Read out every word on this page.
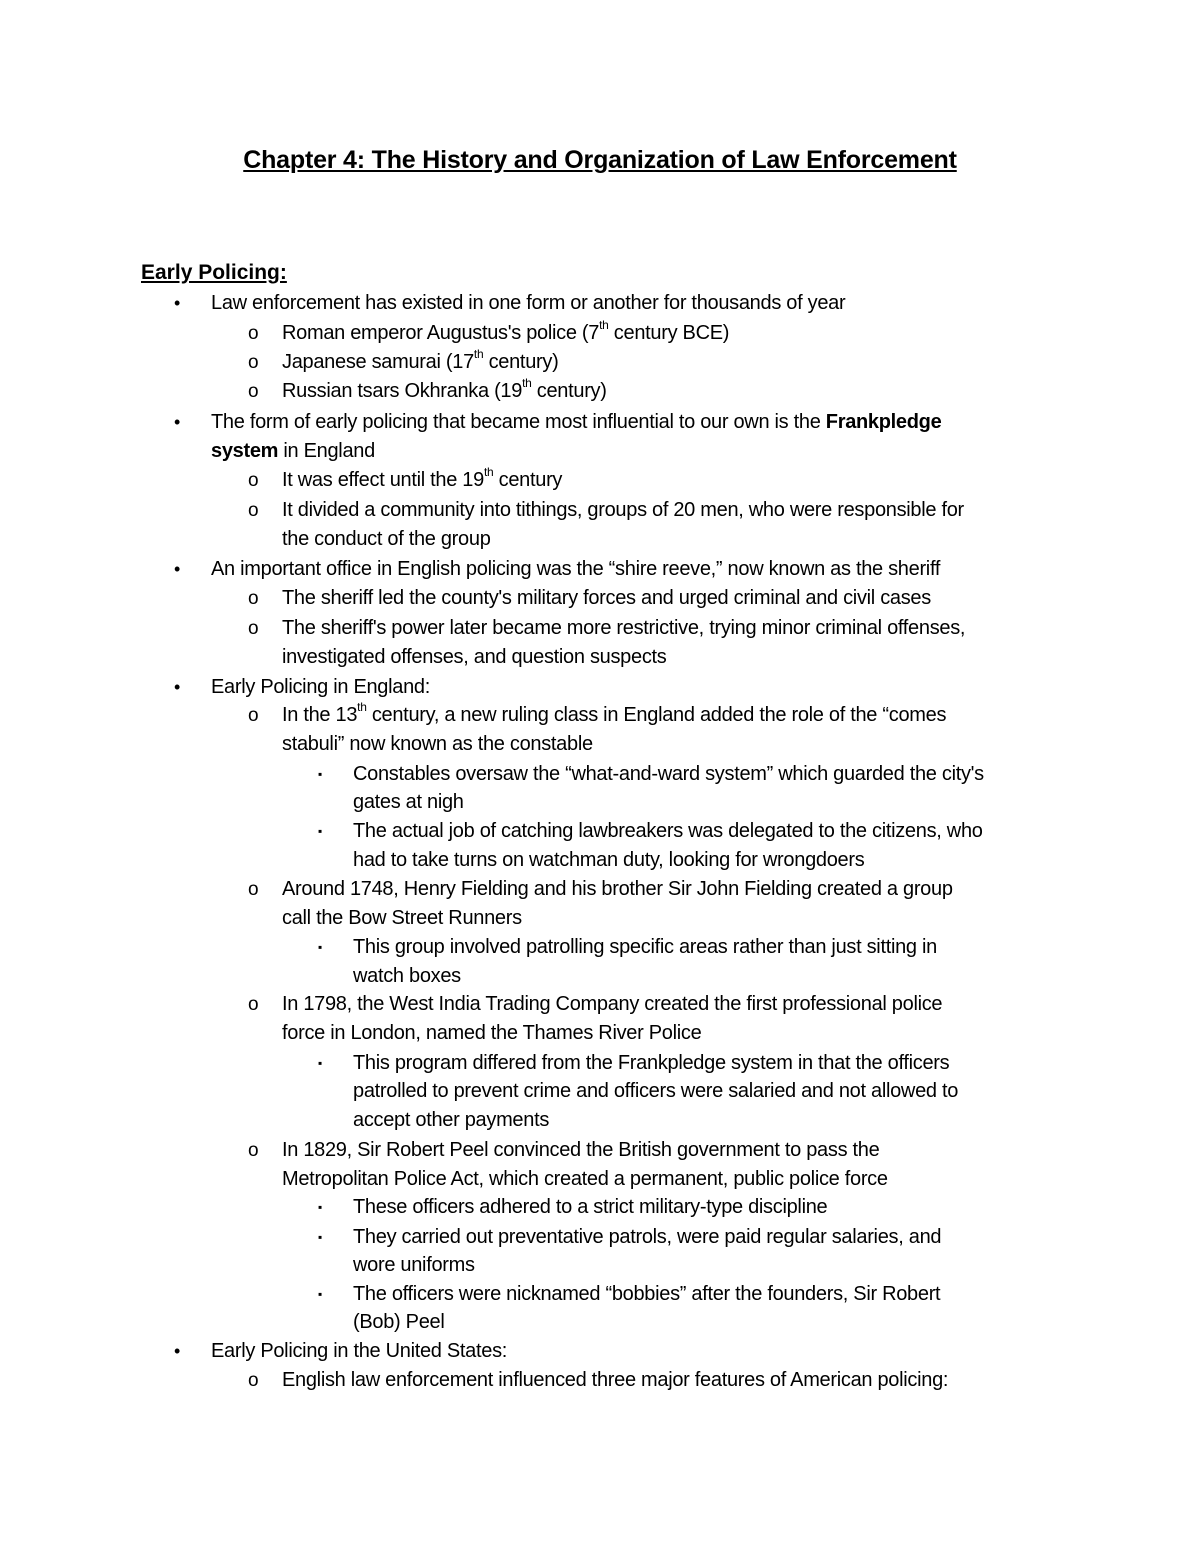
Chapter 4: The History and Organization of Law Enforcement
Early Policing:
• Law enforcement has existed in one form or another for thousands of year
o Roman emperor Augustus's police (7th century BCE)
o Japanese samurai (17th century)
o Russian tsars Okhranka (19th century)
• The form of early policing that became most influential to our own is the Frankpledge
system in England
o It was effect until the 19th century
o It divided a community into tithings, groups of 20 men, who were responsible for
the conduct of the group
• An important office in English policing was the “shire reeve,” now known as the sheriff
o The sheriff led the county's military forces and urged criminal and civil cases
o The sheriff's power later became more restrictive, trying minor criminal offenses,
investigated offenses, and question suspects
• Early Policing in England:
o In the 13th century, a new ruling class in England added the role of the “comes
stabuli” now known as the constable
▪ Constables oversaw the “what-and-ward system” which guarded the city's
gates at nigh
▪ The actual job of catching lawbreakers was delegated to the citizens, who
had to take turns on watchman duty, looking for wrongdoers
o Around 1748, Henry Fielding and his brother Sir John Fielding created a group
call the Bow Street Runners
▪ This group involved patrolling specific areas rather than just sitting in
watch boxes
o In 1798, the West India Trading Company created the first professional police
force in London, named the Thames River Police
▪ This program differed from the Frankpledge system in that the officers
patrolled to prevent crime and officers were salaried and not allowed to
accept other payments
o In 1829, Sir Robert Peel convinced the British government to pass the
Metropolitan Police Act, which created a permanent, public police force
▪ These officers adhered to a strict military-type discipline
▪ They carried out preventative patrols, were paid regular salaries, and
wore uniforms
▪ The officers were nicknamed “bobbies” after the founders, Sir Robert
(Bob) Peel
• Early Policing in the United States:
o English law enforcement influenced three major features of American policing:
